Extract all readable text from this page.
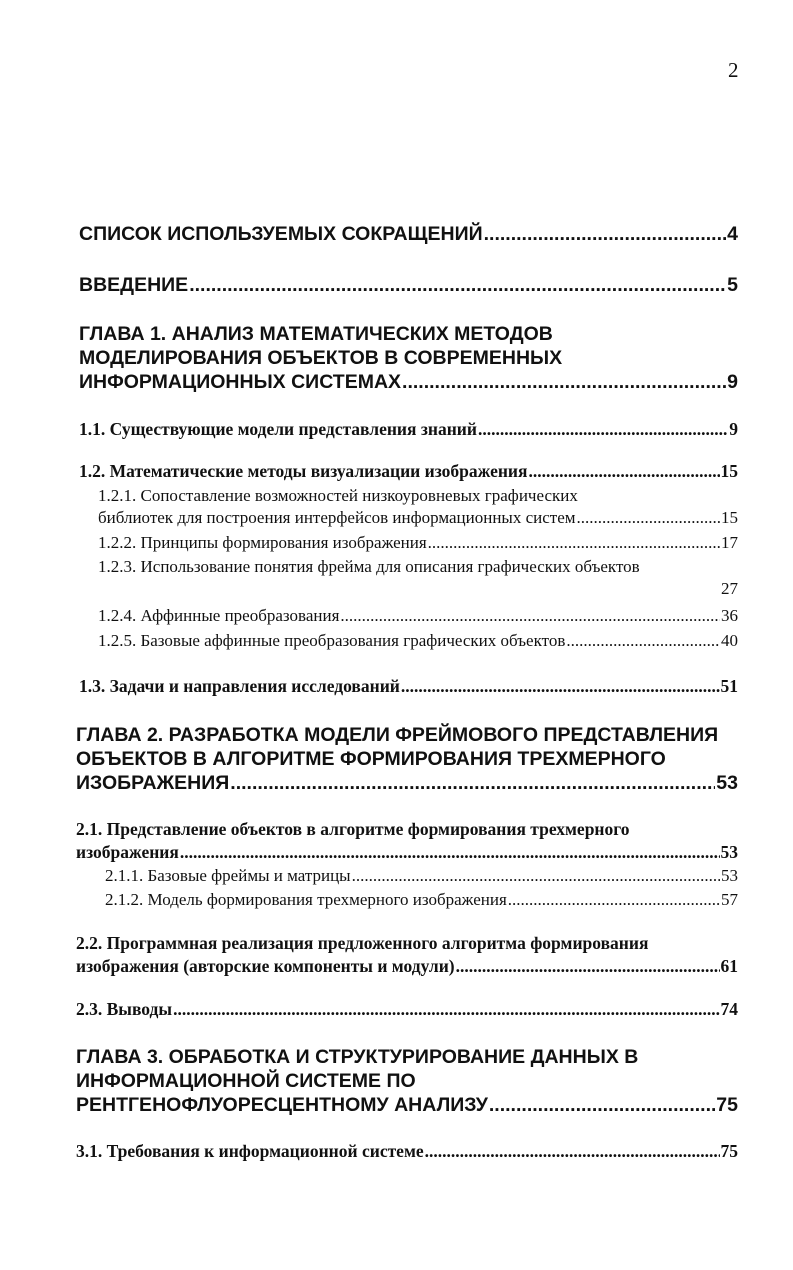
2
СПИСОК ИСПОЛЬЗУЕМЫХ СОКРАЩЕНИЙ .....	4
ВВЕДЕНИЕ .....	5
ГЛАВА 1. АНАЛИЗ МАТЕМАТИЧЕСКИХ МЕТОДОВ
МОДЕЛИРОВАНИЯ ОБЪЕКТОВ В СОВРЕМЕННЫХ
ИНФОРМАЦИОННЫХ СИСТЕМАХ .....	9
1.1. Существующие модели представления знаний .....	9
1.2. Математические методы визуализации изображения .....	15
1.2.1. Сопоставление возможностей низкоуровневых графических
библиотек для построения интерфейсов информационных систем .....	15
1.2.2. Принципы формирования изображения .....	17
1.2.3. Использование понятия фрейма для описания графических объектов
27
1.2.4. Аффинные преобразования .....	36
1.2.5. Базовые аффинные преобразования графических объектов .....	40
1.3. Задачи и направления исследований .....	51
ГЛАВА 2. РАЗРАБОТКА МОДЕЛИ ФРЕЙМОВОГО ПРЕДСТАВЛЕНИЯ
ОБЪЕКТОВ В АЛГОРИТМЕ ФОРМИРОВАНИЯ ТРЕХМЕРНОГО
ИЗОБРАЖЕНИЯ .....	53
2.1. Представление объектов в алгоритме формирования трехмерного
изображения .....	53
2.1.1. Базовые фреймы и матрицы .....	53
2.1.2. Модель формирования трехмерного изображения .....	57
2.2. Программная реализация предложенного алгоритма формирования
изображения (авторские компоненты и модули) .....	61
2.3. Выводы .....	74
ГЛАВА 3. ОБРАБОТКА И СТРУКТУРИРОВАНИЕ ДАННЫХ В
ИНФОРМАЦИОННОЙ СИСТЕМЕ ПО
РЕНТГЕНОФЛУОРЕСЦЕНТНОМУ АНАЛИЗУ .....	75
3.1. Требования к информационной системе .....	75
